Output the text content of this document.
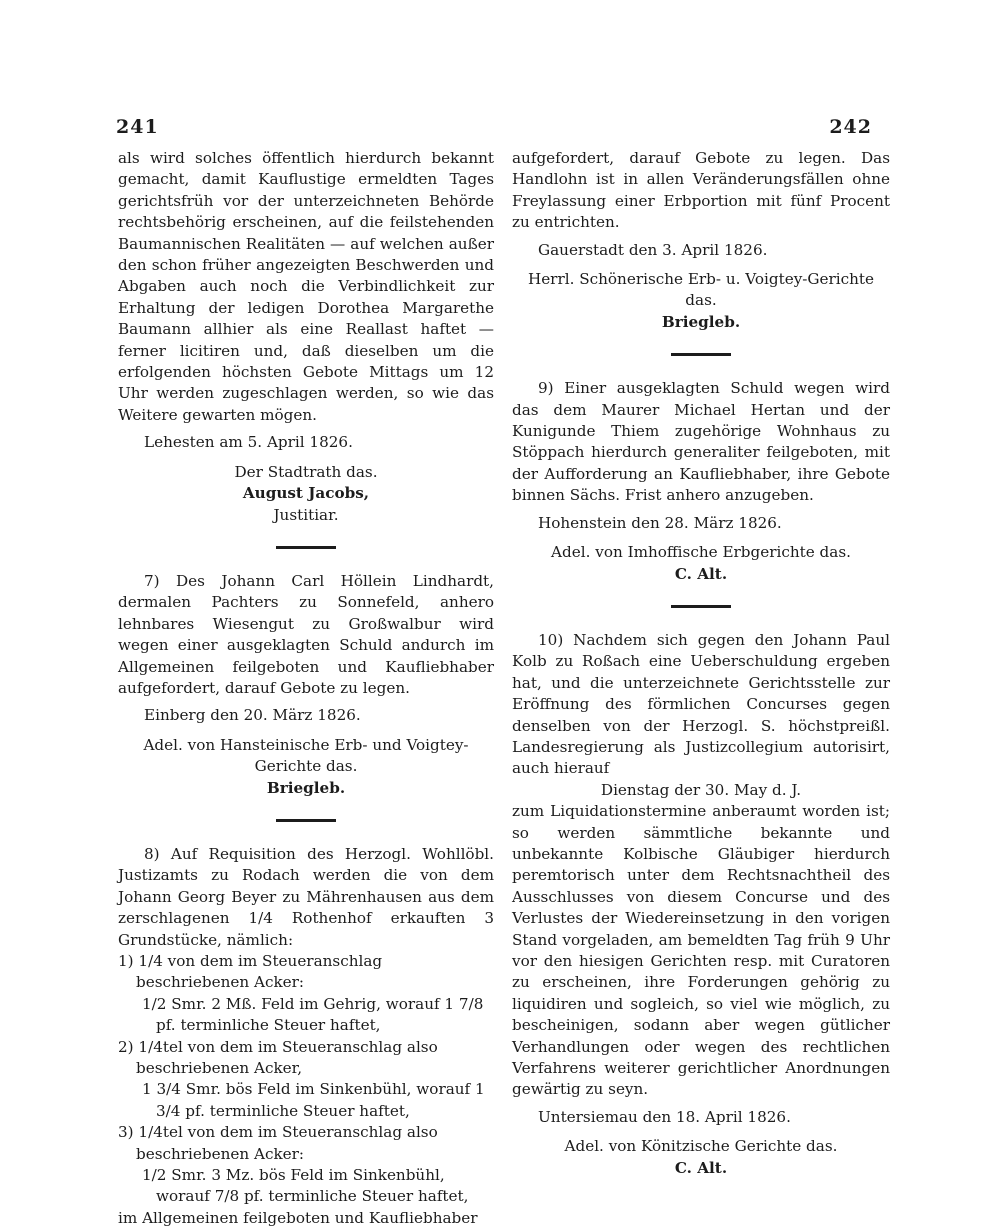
241	242

als wird solches öffentlich hierdurch bekannt gemacht, damit Kauflustige ermeldten Tages gerichtsfrüh vor der unterzeichneten Behörde rechtsbehörig erscheinen, auf die feilstehenden Baumannischen Realitäten — auf welchen außer den schon früher angezeigten Beschwerden und Abgaben auch noch die Verbindlichkeit zur Erhaltung der ledigen Dorothea Margarethe Baumann allhier als eine Reallast haftet — ferner licitiren und, daß dieselben um die erfolgenden höchsten Gebote Mittags um 12 Uhr werden zugeschlagen werden, so wie das Weitere gewarten mögen.

Lehesten am 5. April 1826.

Der Stadtrath das.

August Jacobs,

Justitiar.

7) Des Johann Carl Höllein Lindhardt, dermalen Pachters zu Sonnefeld, anhero lehnbares Wiesengut zu Großwalbur wird wegen einer ausgeklagten Schuld andurch im Allgemeinen feilgeboten und Kaufliebhaber aufgefordert, darauf Gebote zu legen.

Einberg den 20. März 1826.

Adel. von Hansteinische Erb- und Voigtey-Gerichte das.

Briegleb.

8) Auf Requisition des Herzogl. Wohllöbl. Justizamts zu Rodach werden die von dem Johann Georg Beyer zu Mährenhausen aus dem zerschlagenen 1/4 Rothenhof erkauften 3 Grundstücke, nämlich:

1) 1/4 von dem im Steueranschlag beschriebenen Acker:
1/2 Smr. 2 Mß. Feld im Gehrig, worauf 1 7/8 pf. terminliche Steuer haftet,
2) 1/4tel von dem im Steueranschlag also beschriebenen Acker,
1 3/4 Smr. bös Feld im Sinkenbühl, worauf 1 3/4 pf. terminliche Steuer haftet,
3) 1/4tel von dem im Steueranschlag also beschriebenen Acker:
1/2 Smr. 3 Mz. bös Feld im Sinkenbühl, worauf 7/8 pf. terminliche Steuer haftet,

im Allgemeinen feilgeboten und Kaufliebhaber

aufgefordert, darauf Gebote zu legen. Das Handlohn ist in allen Veränderungsfällen ohne Freylassung einer Erbportion mit fünf Procent zu entrichten.

Gauerstadt den 3. April 1826.

Herrl. Schönerische Erb- u. Voigtey-Gerichte das.

Briegleb.

9) Einer ausgeklagten Schuld wegen wird das dem Maurer Michael Hertan und der Kunigunde Thiem zugehörige Wohnhaus zu Stöppach hierdurch generaliter feilgeboten, mit der Aufforderung an Kaufliebhaber, ihre Gebote binnen Sächs. Frist anhero anzugeben.

Hohenstein den 28. März 1826.

Adel. von Imhoffische Erbgerichte das.

C. Alt.

10) Nachdem sich gegen den Johann Paul Kolb zu Roßach eine Ueberschuldung ergeben hat, und die unterzeichnete Gerichtsstelle zur Eröffnung des förmlichen Concurses gegen denselben von der Herzogl. S. höchstpreißl. Landesregierung als Justizcollegium autorisirt, auch hierauf

Dienstag der 30. May d. J.

zum Liquidationstermine anberaumt worden ist; so werden sämmtliche bekannte und unbekannte Kolbische Gläubiger hierdurch peremtorisch unter dem Rechtsnachtheil des Ausschlusses von diesem Concurse und des Verlustes der Wiedereinsetzung in den vorigen Stand vorgeladen, am bemeldten Tag früh 9 Uhr vor den hiesigen Gerichten resp. mit Curatoren zu erscheinen, ihre Forderungen gehörig zu liquidiren und sogleich, so viel wie möglich, zu bescheinigen, sodann aber wegen gütlicher Verhandlungen oder wegen des rechtlichen Verfahrens weiterer gerichtlicher Anordnungen gewärtig zu seyn.

Untersiemau den 18. April 1826.

Adel. von Könitzische Gerichte das.

C. Alt.
